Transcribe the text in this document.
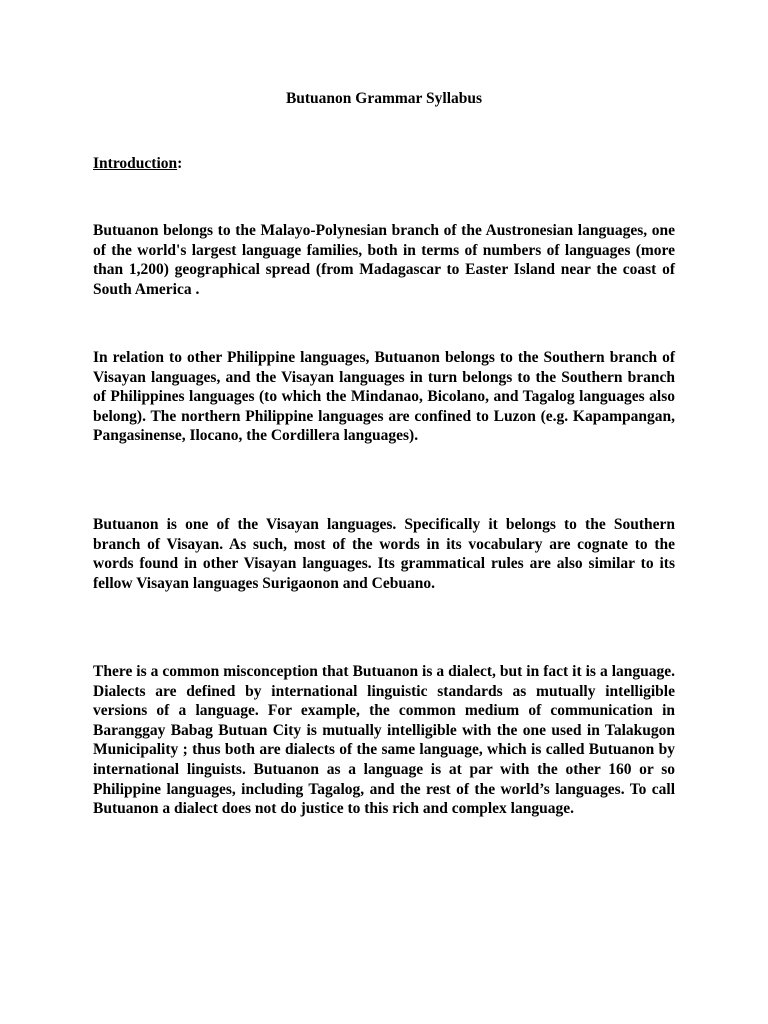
Butuanon Grammar Syllabus
Introduction:

Butuanon belongs to the Malayo-Polynesian branch of the Austronesian languages, one of the world's largest language families, both in terms of numbers of languages (more than 1,200) geographical spread (from Madagascar to Easter Island near the coast of South America .

In relation to other Philippine languages, Butuanon belongs to the Southern branch of Visayan languages, and the Visayan languages in turn belongs to the Southern branch of Philippines languages (to which the Mindanao, Bicolano, and Tagalog languages also belong). The northern Philippine languages are confined to Luzon (e.g. Kapampangan, Pangasinense, Ilocano, the Cordillera languages).

Butuanon is one of the Visayan languages. Specifically it belongs to the Southern branch of Visayan. As such, most of the words in its vocabulary are cognate to the words found in other Visayan languages. Its grammatical rules are also similar to its fellow Visayan languages Surigaonon and Cebuano.

There is a common misconception that Butuanon is a dialect, but in fact it is a language. Dialects are defined by international linguistic standards as mutually intelligible versions of a language. For example, the common medium of communication in Baranggay Babag Butuan City is mutually intelligible with the one used in Talakugon Municipality ; thus both are dialects of the same language, which is called Butuanon by international linguists. Butuanon as a language is at par with the other 160 or so Philippine languages, including Tagalog, and the rest of the world’s languages. To call Butuanon a dialect does not do justice to this rich and complex language.
